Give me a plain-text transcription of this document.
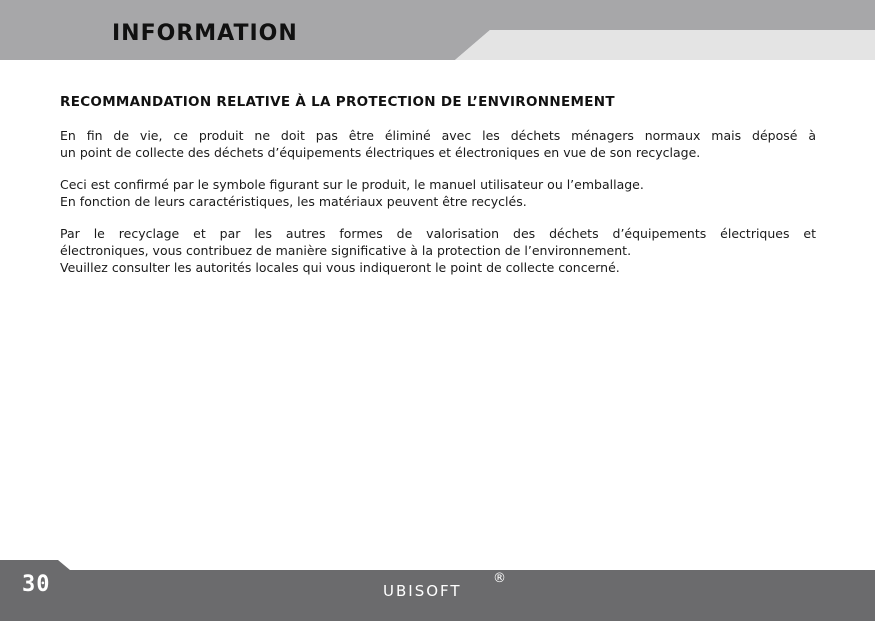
INFORMATION
RECOMMANDATION RELATIVE À LA PROTECTION DE L’ENVIRONNEMENT

En fin de vie, ce produit ne doit pas être éliminé avec les déchets ménagers normaux mais déposé à
un point de collecte des déchets d’équipements électriques et électroniques en vue de son recyclage.

Ceci est confirmé par le symbole figurant sur le produit, le manuel utilisateur ou l’emballage.
En fonction de leurs caractéristiques, les matériaux peuvent être recyclés.

Par le recyclage et par les autres formes de valorisation des déchets d’équipements électriques et
électroniques, vous contribuez de manière significative à la protection de l’environnement.
Veuillez consulter les autorités locales qui vous indiqueront le point de collecte concerné.

30	UBISOFT
®
